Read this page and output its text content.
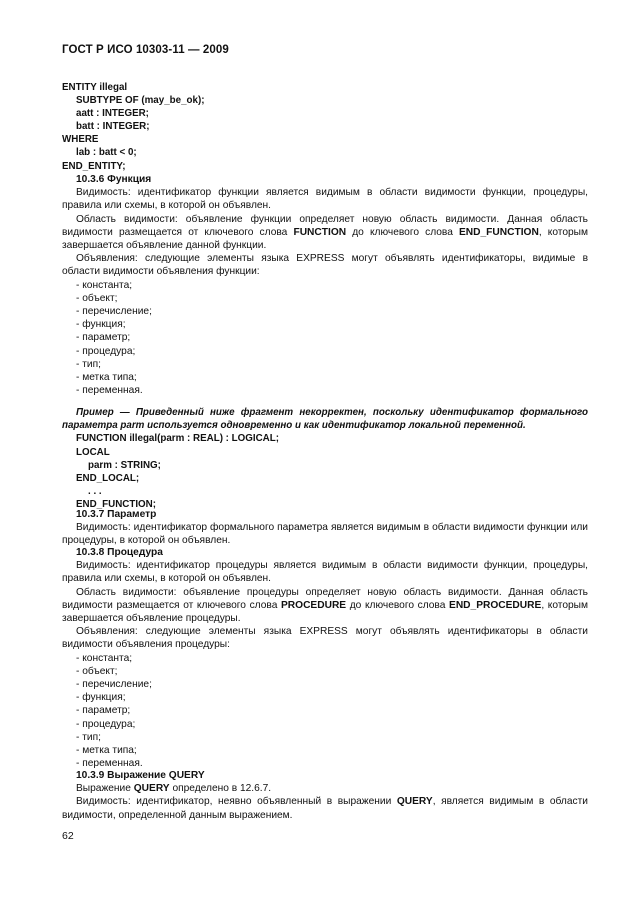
ГОСТ Р ИСО 10303-11 — 2009
ENTITY illegal
SUBTYPE OF (may_be_ok);
aatt : INTEGER;
batt : INTEGER;
WHERE
lab : batt < 0;
END_ENTITY;
10.3.6 Функция

Видимость: идентификатор функции является видимым в области видимости функции, процедуры, правила или схемы, в которой он объявлен.

Область видимости: объявление функции определяет новую область видимости. Данная область видимости размещается от ключевого слова FUNCTION до ключевого слова END_FUNCTION, которым завершается объявление данной функции.

Объявления: следующие элементы языка EXPRESS могут объявлять идентификаторы, видимые в области видимости объявления функции:

- константа;
- объект;
- перечисление;
- функция;
- параметр;
- процедура;
- тип;
- метка типа;
- переменная.

Пример — Приведенный ниже фрагмент некорректен, поскольку идентификатор формального параметра parm используется одновременно и как идентификатор локальной переменной.

FUNCTION illegal(parm : REAL) : LOGICAL;
LOCAL
parm : STRING;
END_LOCAL;
. . .
END_FUNCTION;
10.3.7 Параметр

Видимость: идентификатор формального параметра является видимым в области видимости функции или процедуры, в которой он объявлен.

10.3.8 Процедура

Видимость: идентификатор процедуры является видимым в области видимости функции, процедуры, правила или схемы, в которой он объявлен.

Область видимости: объявление процедуры определяет новую область видимости. Данная область видимости размещается от ключевого слова PROCEDURE до ключевого слова END_PROCEDURE, которым завершается объявление процедуры.

Объявления: следующие элементы языка EXPRESS могут объявлять идентификаторы в области видимости объявления процедуры:

- константа;
- объект;
- перечисление;
- функция;
- параметр;
- процедура;
- тип;
- метка типа;
- переменная.
10.3.9 Выражение QUERY

Выражение QUERY определено в 12.6.7.

Видимость: идентификатор, неявно объявленный в выражении QUERY, является видимым в области видимости, определенной данным выражением.

62
